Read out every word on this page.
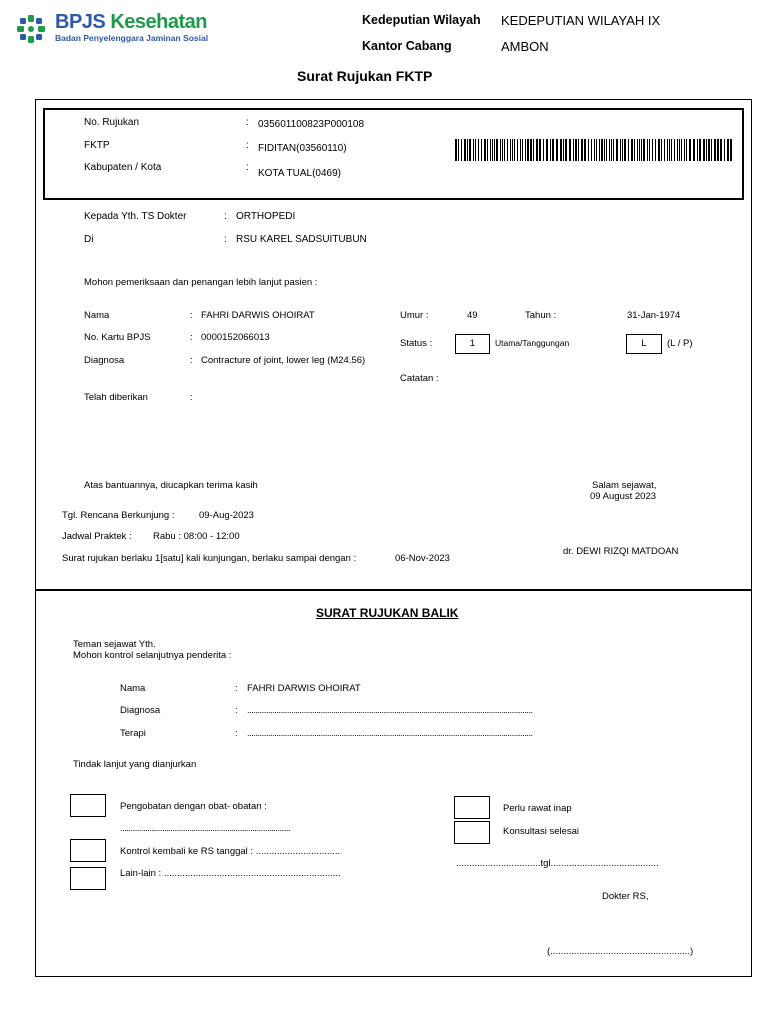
BPJS Kesehatan
Badan Penyelenggara Jaminan Sosial
Kedeputian Wilayah KEDEPUTIAN WILAYAH IX
Kantor Cabang	AMBON
Surat Rujukan FKTP
No. Rujukan	: 035601100823P000108
FKTP	: FIDITAN(03560110)
Kabupaten / Kota	:
KOTA TUAL(0469)
Kepada Yth. TS Dokter	: ORTHOPEDI
Di	: RSU KAREL SADSUITUBUN
Mohon pemeriksaan dan penangan lebih lanjut pasien :
Nama	: FAHRI DARWIS OHOIRAT
No. Kartu BPJS	: 0000152066013
Diagnosa	: Contracture of joint, lower leg (M24.56)
Telah diberikan	:
Umur :	49	Tahun :	31-Jan-1974
Status :	1	Utama/Tanggungan	L	(L / P)
Catatan :
Atas bantuannya, diucapkan terima kasih	Salam sejawat,
09 August 2023
Tgl. Rencana Berkunjung :	09-Aug-2023
Jadwal Praktek : Rabu : 08:00 - 12:00
Surat rujukan berlaku 1[satu] kali kunjungan, berlaku sampai dengan :	06-Nov-2023
dr. DEWI RIZQI MATDOAN
SURAT RUJUKAN BALIK
Teman sejawat Yth.
Mohon kontrol selanjutnya penderita :
Nama	: FAHRI DARWIS OHOIRAT
Diagnosa	: ........................................................................................................................................
Terapi	: ........................................................................................................................................
Tindak lanjut yang dianjurkan
Pengobatan dengan obat- obatan :
.................................................................................
Kontrol kembali ke RS tanggal : ................................
Lain-lain : ...................................................................
Perlu rawat inap
Konsultasi selesai
................................tgl.........................................
Dokter RS,
(.....................................................)
